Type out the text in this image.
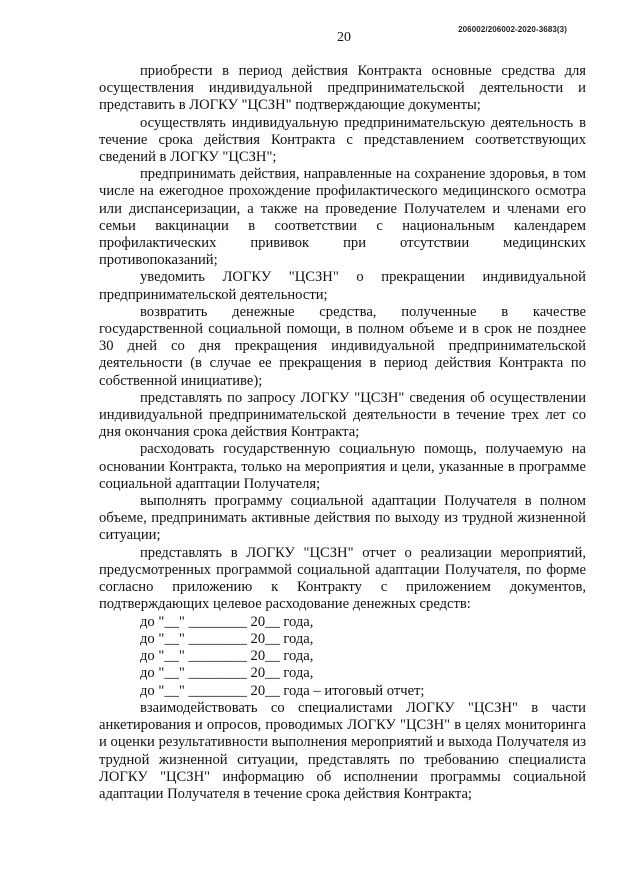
206002/206002-2020-3683(3)
20

приобрести в период действия Контракта основные средства для осуществления индивидуальной предпринимательской деятельности и представить в ЛОГКУ "ЦСЗН" подтверждающие документы;

осуществлять индивидуальную предпринимательскую деятельность в течение срока действия Контракта с представлением соответствующих сведений в ЛОГКУ "ЦСЗН";

предпринимать действия, направленные на сохранение здоровья, в том числе на ежегодное прохождение профилактического медицинского осмотра или диспансеризации, а также на проведение Получателем и членами его семьи вакцинации в соответствии с национальным календарем профилактических прививок при отсутствии медицинских противопоказаний;

уведомить ЛОГКУ "ЦСЗН" о прекращении индивидуальной предпринимательской деятельности;

возвратить денежные средства, полученные в качестве государственной социальной помощи, в полном объеме и в срок не позднее 30 дней со дня прекращения индивидуальной предпринимательской деятельности (в случае ее прекращения в период действия Контракта по собственной инициативе);

представлять по запросу ЛОГКУ "ЦСЗН" сведения об осуществлении индивидуальной предпринимательской деятельности в течение трех лет со дня окончания срока действия Контракта;

расходовать государственную социальную помощь, получаемую на основании Контракта, только на мероприятия и цели, указанные в программе социальной адаптации Получателя;

выполнять программу социальной адаптации Получателя в полном объеме, предпринимать активные действия по выходу из трудной жизненной ситуации;

представлять в ЛОГКУ "ЦСЗН" отчет о реализации мероприятий, предусмотренных программой социальной адаптации Получателя, по форме согласно приложению к Контракту с приложением документов, подтверждающих целевое расходование денежных средств:

до "__" ________ 20__ года,
до "__" ________ 20__ года,
до "__" ________ 20__ года,
до "__" ________ 20__ года,
до "__" ________ 20__ года – итоговый отчет;

взаимодействовать со специалистами ЛОГКУ "ЦСЗН" в части анкетирования и опросов, проводимых ЛОГКУ "ЦСЗН" в целях мониторинга и оценки результативности выполнения мероприятий и выхода Получателя из трудной жизненной ситуации, представлять по требованию специалиста ЛОГКУ "ЦСЗН" информацию об исполнении программы социальной адаптации Получателя в течение срока действия Контракта;
